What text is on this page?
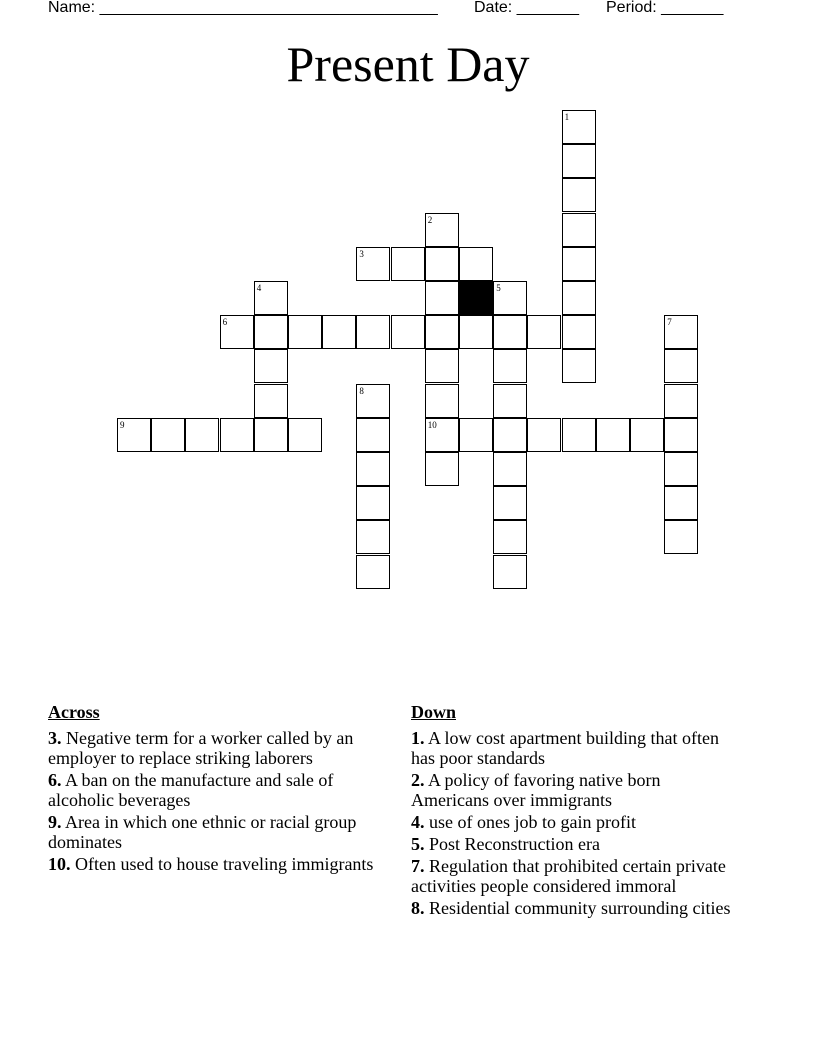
Name: ______________________________________ Date: _______ Period: _______
Present Day
1
2
10
4	5
7
8
3
6
9
Across
3. Negative term for a worker called by an employer to replace striking laborers
6. A ban on the manufacture and sale of alcoholic beverages
9. Area in which one ethnic or racial group dominates
10. Often used to house traveling immigrants
Down
1. A low cost apartment building that often has poor standards
2. A policy of favoring native born Americans over immigrants
4. use of ones job to gain profit
5. Post Reconstruction era
7. Regulation that prohibited certain private activities people considered immoral
8. Residential community surrounding cities
